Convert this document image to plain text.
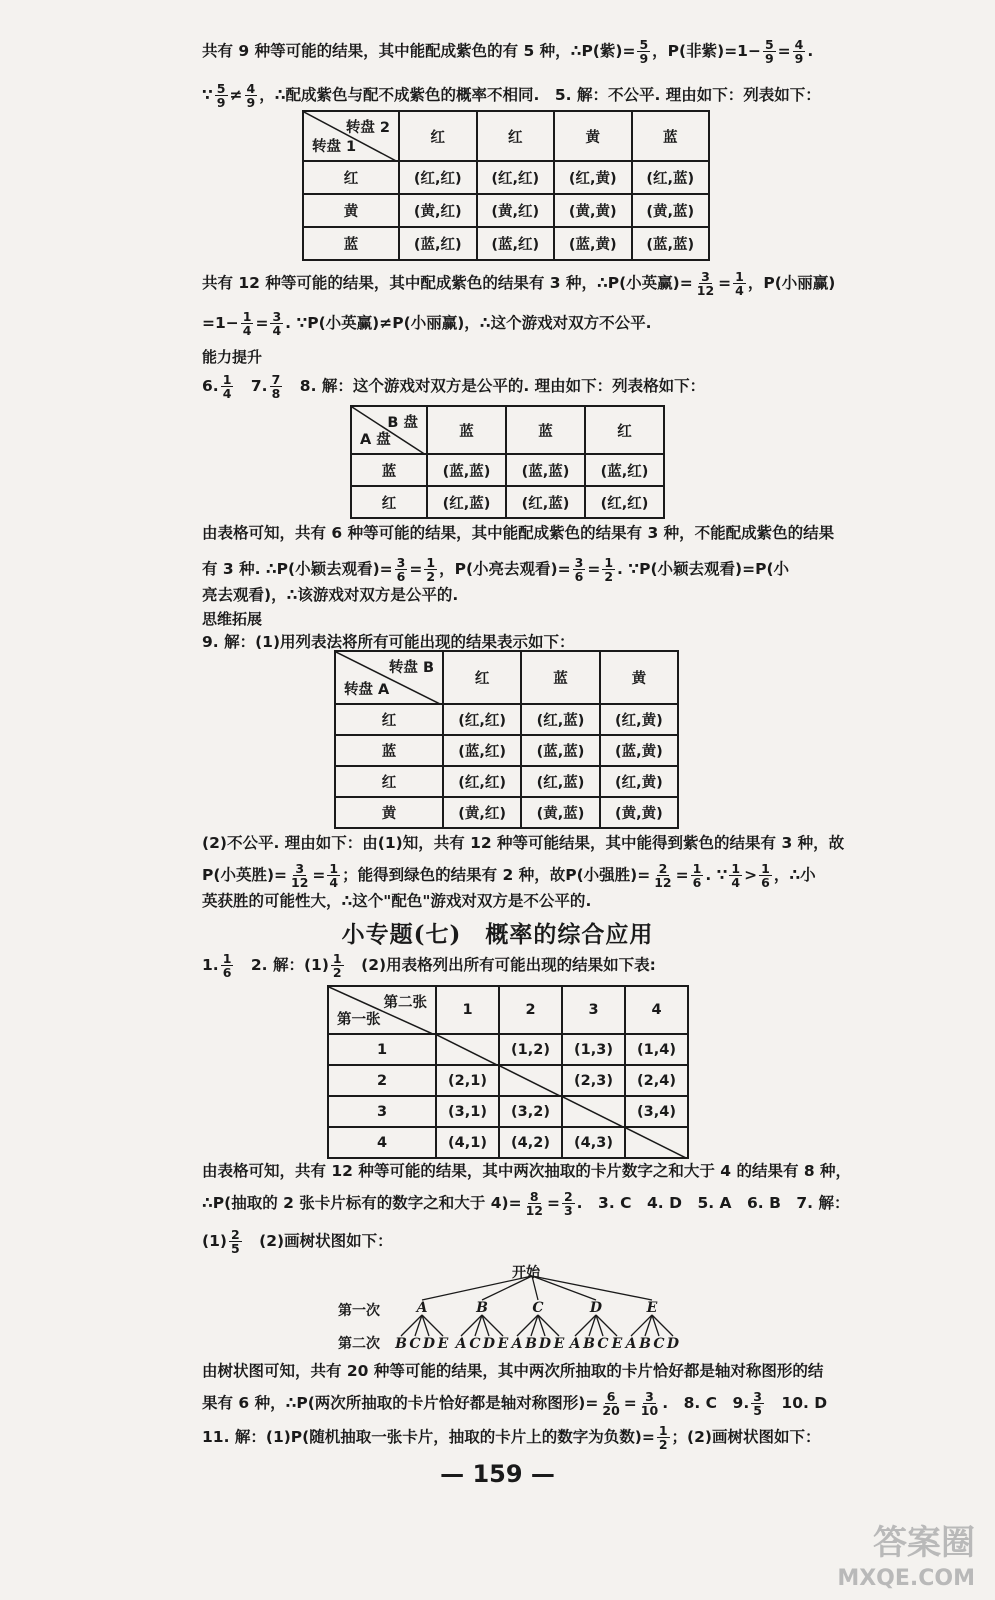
共有 9 种等可能的结果，其中能配成紫色的有 5 种，∴P(紫)= $\frac{5}{9}$ ，P(非紫)$=1- \frac{5}{9} = \frac{4}{9}$ .
∵ $\frac{5}{9} \ne \frac{4}{9}$ ，∴配成紫色与配不成紫色的概率不相同.　5. 解：不公平. 理由如下：列表如下：
转盘 2
转盘 1	红	红	黄	蓝
红	(红,红)	(红,红)	(红,黄)	(红,蓝)
黄	(黄,红)	(黄,红)	(黄,黄)	(黄,蓝)
蓝	(蓝,红)	(蓝,红)	(蓝,黄)	(蓝,蓝)
共有 12 种等可能的结果，其中配成紫色的结果有 3 种，∴P(小英赢)= $\frac{3}{12} = \frac{1}{4}$ ，P(小丽赢)
$=1- \frac{1}{4} = \frac{3}{4}$ . ∵P(小英赢)≠P(小丽赢)，∴这个游戏对双方不公平.
能力提升
6. $\frac{1}{4}$ 　7. $\frac{7}{8}$ 　8. 解：这个游戏对双方是公平的. 理由如下：列表格如下：
B 盘
A 盘	蓝	蓝	红
蓝	(蓝,蓝)	(蓝,蓝)	(蓝,红)
红	(红,蓝)	(红,蓝)	(红,红)
由表格可知，共有 6 种等可能的结果，其中能配成紫色的结果有 3 种，不能配成紫色的结果
有 3 种. ∴P(小颖去观看)= $\frac{3}{6} = \frac{1}{2}$ ，P(小亮去观看)= $\frac{3}{6} = \frac{1}{2}$ . ∵P(小颖去观看)=P(小
亮去观看)，∴该游戏对双方是公平的.
思维拓展
9. 解：(1)用列表法将所有可能出现的结果表示如下：
转盘 B
转盘 A	红	蓝	黄
红	(红,红)	(红,蓝)	(红,黄)
蓝	(蓝,红)	(蓝,蓝)	(蓝,黄)
红	(红,红)	(红,蓝)	(红,黄)
黄	(黄,红)	(黄,蓝)	(黄,黄)
(2)不公平. 理由如下：由(1)知，共有 12 种等可能结果，其中能得到紫色的结果有 3 种，故
P(小英胜)= $\frac{3}{12} = \frac{1}{4}$ ；能得到绿色的结果有 2 种，故P(小强胜)= $\frac{2}{12} = \frac{1}{6}$ . ∵ $\frac{1}{4} > \frac{1}{6}$ ，∴小
英获胜的可能性大，∴这个"配色"游戏对双方是不公平的.
小专题(七)　概率的综合应用
1. $\frac{1}{6}$ 　2. 解：$(1) \frac{1}{2}$ 　(2)用表格列出所有可能出现的结果如下表:
第二张
第一张	1	2	3	4
1		(1,2)	(1,3)	(1,4)
2	(2,1)		(2,3)	(2,4)
3	(3,1)	(3,2)		(3,4)
4	(4,1)	(4,2)	(4,3)	
由表格可知，共有 12 种等可能的结果，其中两次抽取的卡片数字之和大于 4 的结果有 8 种，
∴P(抽取的 2 张卡片标有的数字之和大于 $4)= \frac{8}{12} = \frac{2}{3}$ .　3. C　4. D　5. A　6. B　7. 解：
$(1) \frac{2}{5}$ 　(2)画树状图如下：
A
B C D E
B
A C D E
C
A B D E
D
A B C E
E
A B C D
开始
第一次
第二次
由树状图可知，共有 20 种等可能的结果，其中两次所抽取的卡片恰好都是轴对称图形的结
果有 6 种，∴P(两次所抽取的卡片恰好都是轴对称图形)= $\frac{6}{20} = \frac{3}{10}$ .　8. C　9. $\frac{3}{5}$ 　10. D
11. 解：(1)P(随机抽取一张卡片，抽取的卡片上的数字为负数)= $\frac{1}{2}$ ；(2)画树状图如下：
— 159 —
答案圈
MXQE.COM
